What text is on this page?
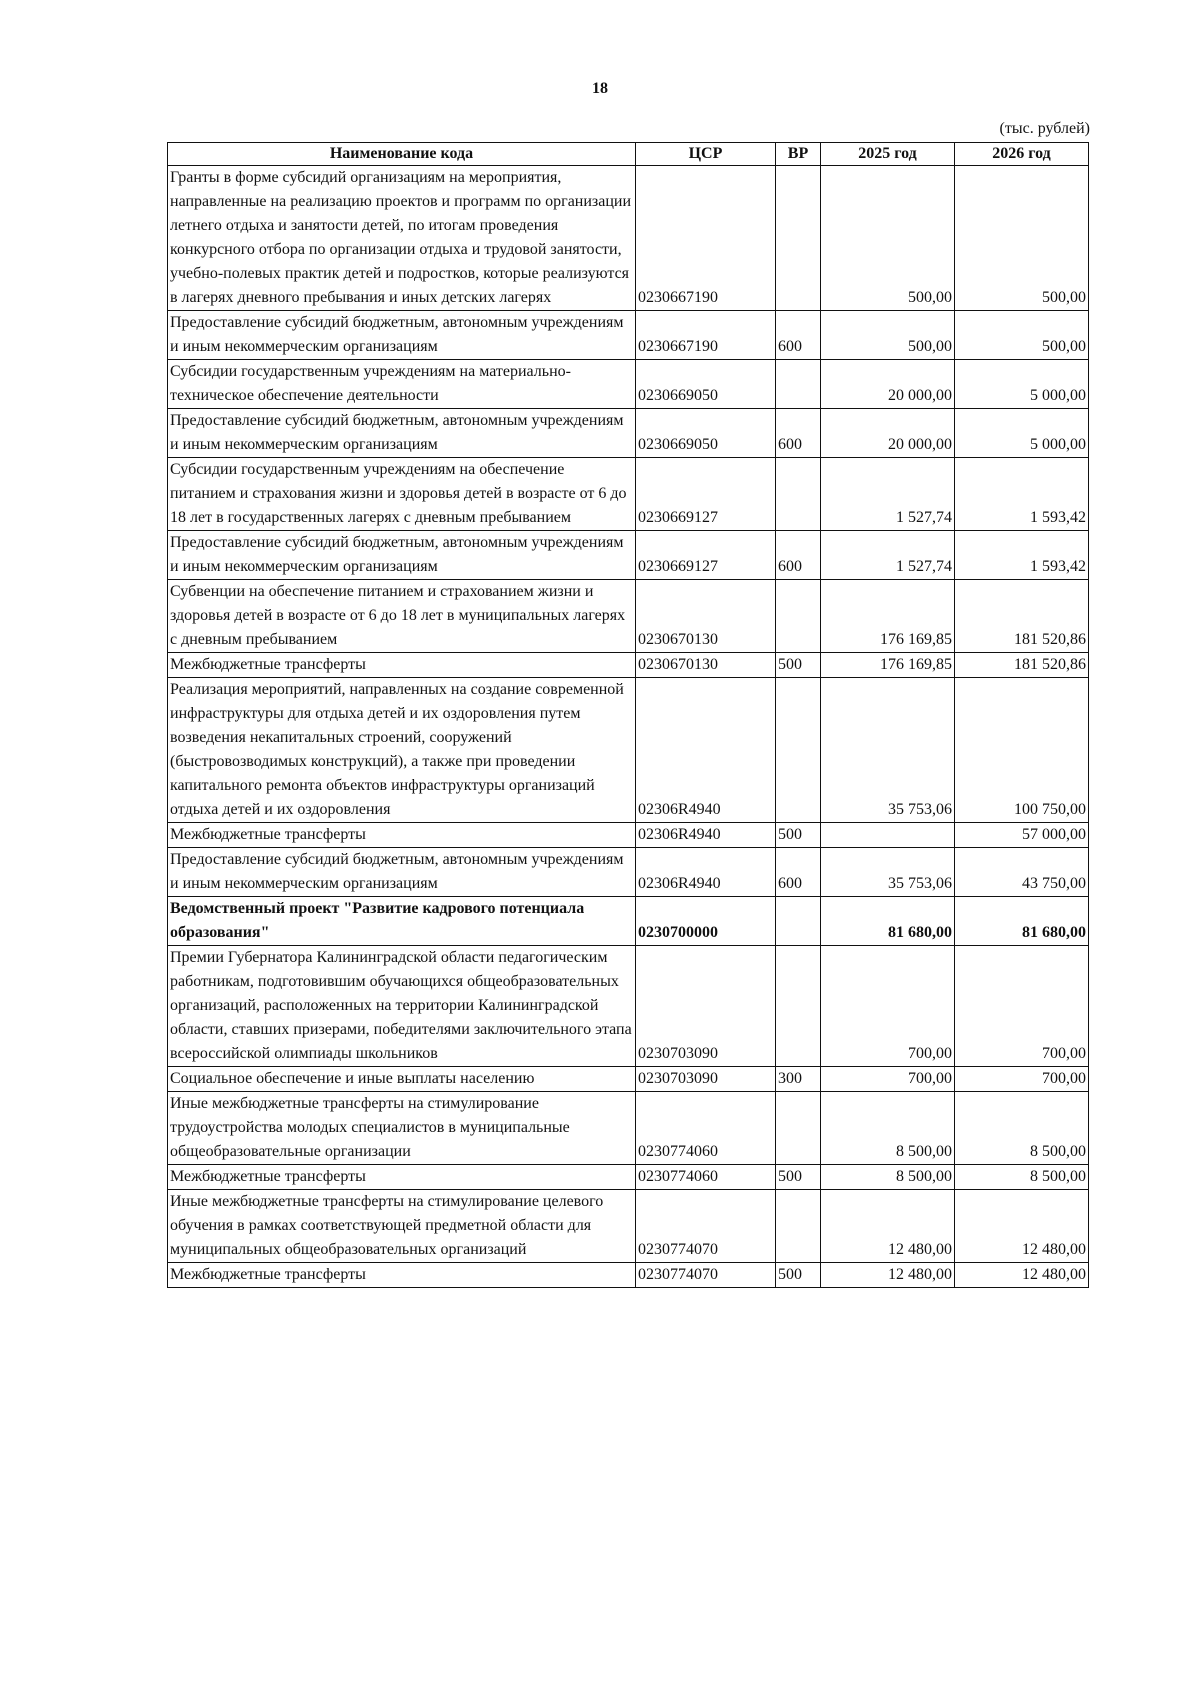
18
(тыс. рублей)
Наименование кода	ЦСР	ВР	2025 год	2026 год
Гранты в форме субсидий организациям на мероприятия, направленные на реализацию проектов и программ по организации летнего отдыха и занятости детей, по итогам проведения конкурсного отбора по организации отдыха и трудовой занятости, учебно-полевых практик детей и подростков, которые реализуются в лагерях дневного пребывания и иных детских лагерях	0230667190		500,00	500,00
Предоставление субсидий бюджетным, автономным учреждениям и иным некоммерческим организациям	0230667190	600	500,00	500,00
Субсидии государственным учреждениям на материально-техническое обеспечение деятельности	0230669050		20 000,00	5 000,00
Предоставление субсидий бюджетным, автономным учреждениям и иным некоммерческим организациям	0230669050	600	20 000,00	5 000,00
Субсидии государственным учреждениям на обеспечение питанием и страхования жизни и здоровья детей в возрасте от 6 до 18 лет в государственных лагерях с дневным пребыванием	0230669127		1 527,74	1 593,42
Предоставление субсидий бюджетным, автономным учреждениям и иным некоммерческим организациям	0230669127	600	1 527,74	1 593,42
Субвенции на обеспечение питанием и страхованием жизни и здоровья детей в возрасте от 6 до 18 лет в муниципальных лагерях с дневным пребыванием	0230670130		176 169,85	181 520,86
Межбюджетные трансферты	0230670130	500	176 169,85	181 520,86
Реализация мероприятий, направленных на создание современной инфраструктуры для отдыха детей и их оздоровления путем возведения некапитальных строений, сооружений (быстровозводимых конструкций), а также при проведении капитального ремонта объектов инфраструктуры организаций отдыха детей и их оздоровления	02306R4940		35 753,06	100 750,00
Межбюджетные трансферты	02306R4940	500		57 000,00
Предоставление субсидий бюджетным, автономным учреждениям и иным некоммерческим организациям	02306R4940	600	35 753,06	43 750,00
Ведомственный проект "Развитие кадрового потенциала образования"	0230700000		81 680,00	81 680,00
Премии Губернатора Калининградской области педагогическим работникам, подготовившим обучающихся общеобразовательных организаций, расположенных на территории Калининградской области, ставших призерами, победителями заключительного этапа всероссийской олимпиады школьников	0230703090		700,00	700,00
Социальное обеспечение и иные выплаты населению	0230703090	300	700,00	700,00
Иные межбюджетные трансферты на стимулирование трудоустройства молодых специалистов в муниципальные общеобразовательные организации	0230774060		8 500,00	8 500,00
Межбюджетные трансферты	0230774060	500	8 500,00	8 500,00
Иные межбюджетные трансферты на стимулирование целевого обучения в рамках соответствующей предметной области для муниципальных общеобразовательных организаций	0230774070		12 480,00	12 480,00
Межбюджетные трансферты	0230774070	500	12 480,00	12 480,00
